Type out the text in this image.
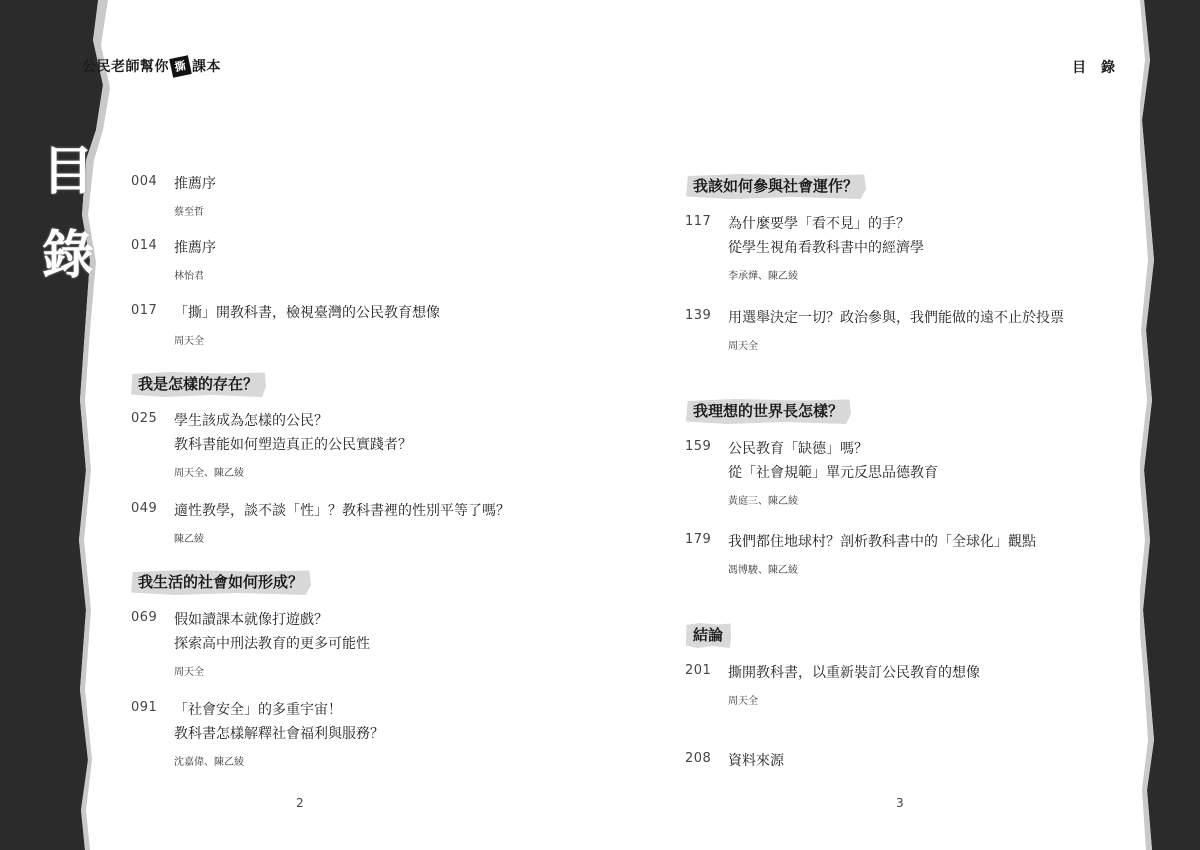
公民老師幫你 撕 課本
目
錄
004 推薦序
蔡至哲
014 推薦序
林怡君
017 「撕」開教科書，檢視臺灣的公民教育想像
周天全
我是怎樣的存在？
025 學生該成為怎樣的公民？
教科書能如何塑造真正的公民實踐者？
周天全、陳乙綾
049 適性教學，談不談「性」？教科書裡的性別平等了嗎？
陳乙綾
我生活的社會如何形成？
069 假如讀課本就像打遊戲？
探索高中刑法教育的更多可能性
周天全
091 「社會安全」的多重宇宙！
教科書怎樣解釋社會福利與服務？
沈嘉偉、陳乙綾
2
目 錄
我該如何參與社會運作？
117 為什麼要學「看不見」的手？
從學生視角看教科書中的經濟學
李承燁、陳乙綾
139 用選舉決定一切？政治參與，我們能做的遠不止於投票
周天全
我理想的世界長怎樣？
159 公民教育「缺德」嗎？
從「社會規範」單元反思品德教育
黃庭三、陳乙綾
179 我們都住地球村？剖析教科書中的「全球化」觀點
馮博駿、陳乙綾
結論
201 撕開教科書，以重新裝訂公民教育的想像
周天全
208 資料來源
3
